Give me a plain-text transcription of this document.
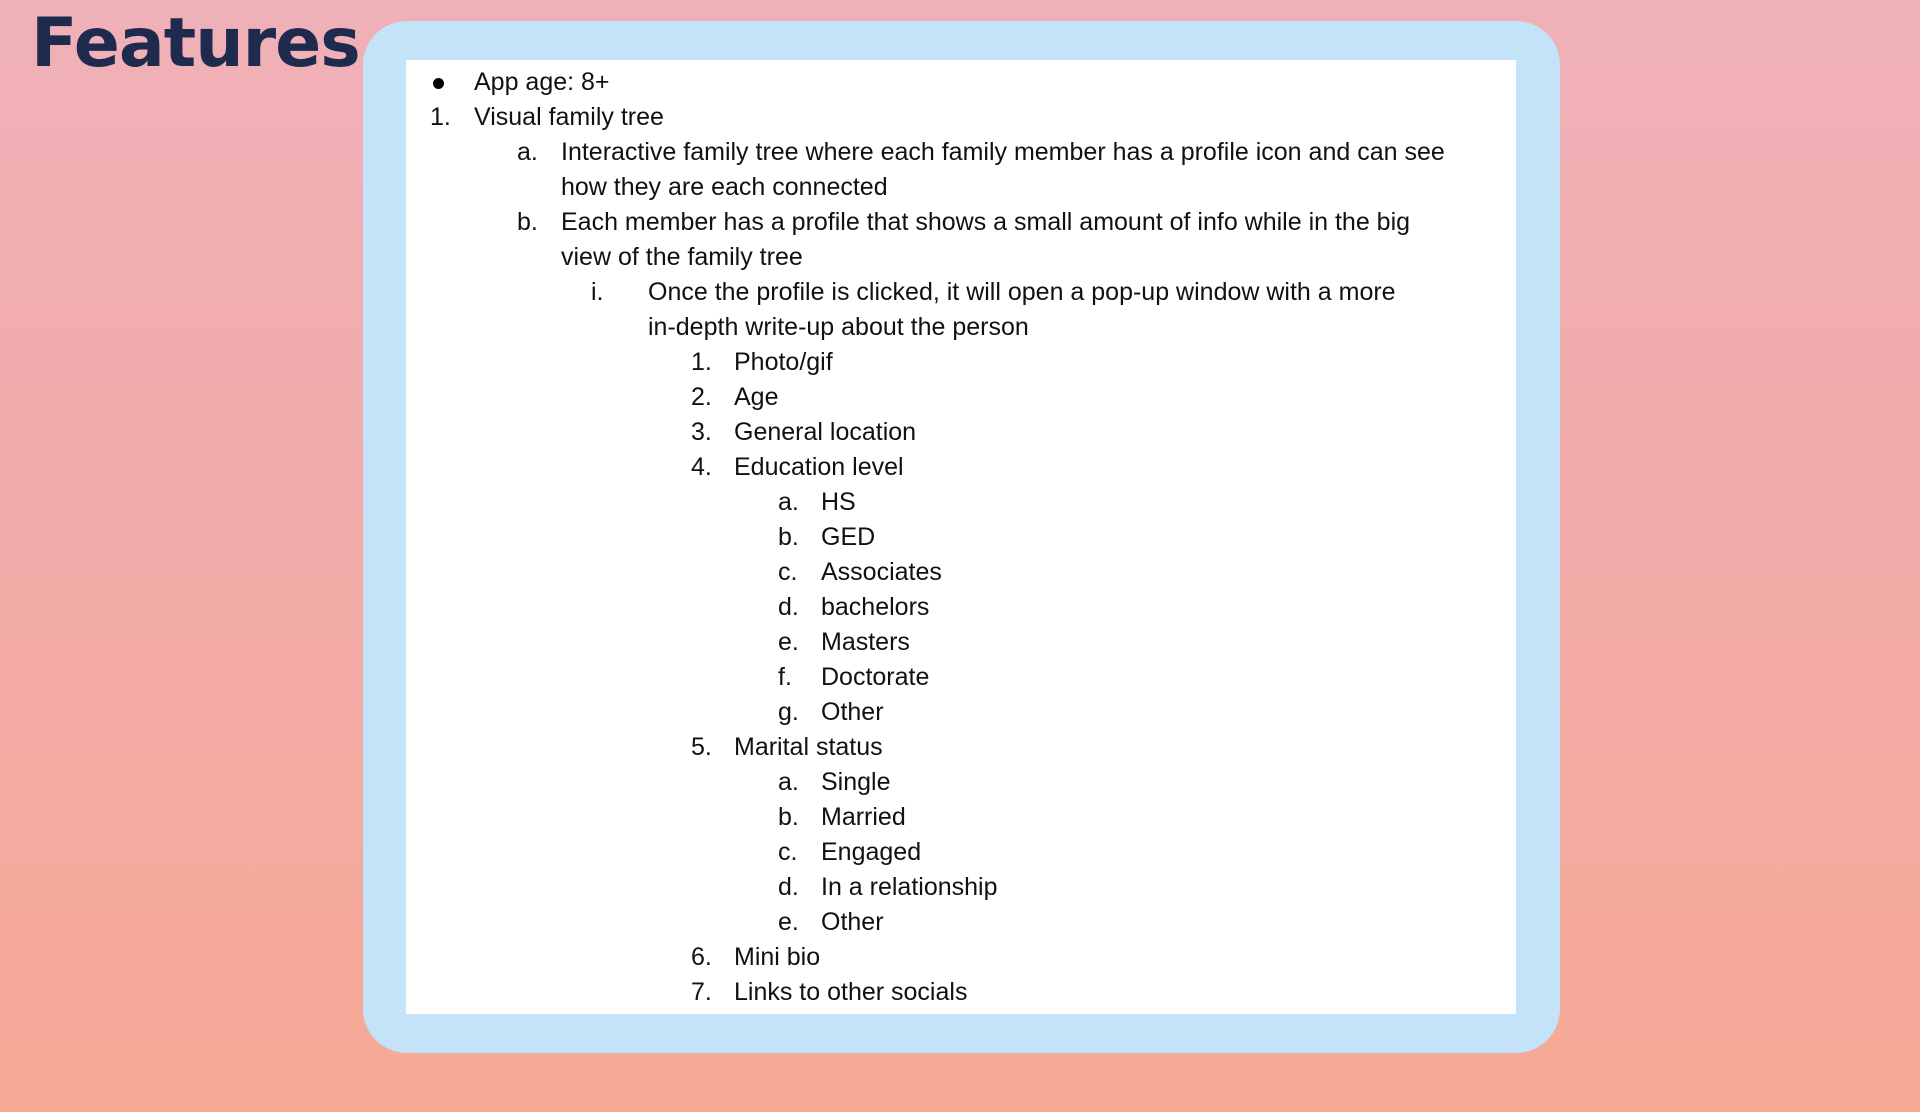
Features	App age: 8+
1. Visual family tree
a. Interactive family tree where each family member has a profile icon and can see
how they are each connected
b. Each member has a profile that shows a small amount of info while in the big
view of the family tree
i. Once the profile is clicked, it will open a pop-up window with a more
in-depth write-up about the person
1. Photo/gif
2. Age
3. General location
4. Education level
a. HS
b. GED
c. Associates
d. bachelors
e. Masters
f. Doctorate
g. Other
5. Marital status
a. Single
b. Married
c. Engaged
d. In a relationship
e. Other
6. Mini bio
7. Links to other socials
